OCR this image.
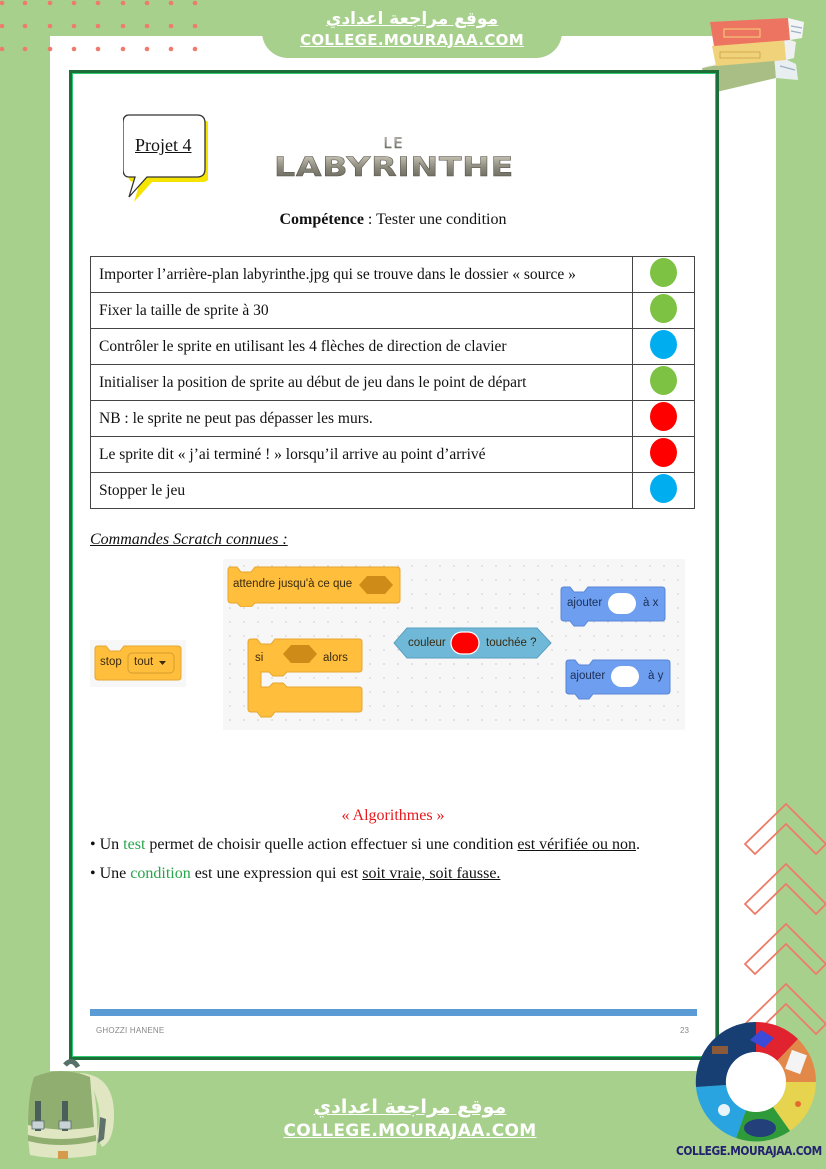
موقع مراجعة اعدادي
COLLEGE.MOURAJAA.COM
Projet 4	LE
LABYRINTHE
Compétence : Tester une condition
Importer l’arrière-plan labyrinthe.jpg qui se trouve dans le dossier « source »	
Fixer la taille de sprite à 30	
Contrôler le sprite en utilisant les 4 flèches de direction de clavier	
Initialiser la position de sprite au début de jeu dans le point de départ	
NB : le sprite ne peut pas dépasser les murs.	
Le sprite dit « j’ai terminé ! » lorsqu’il arrive au point d’arrivé	
Stopper le jeu	
Commandes Scratch connues :
stop tout
attendre jusqu'à ce que
si	alors
couleur	touchée ?
ajouter	à x
ajouter	à y
« Algorithmes »
• Un test permet de choisir quelle action effectuer si une condition est vérifiée ou non.
• Une condition est une expression qui est soit vraie, soit fausse.
GHOZZI HANENE	23
موقع مراجعة اعدادي
COLLEGE.MOURAJAA.COM
COLLEGE.MOURAJAA.COM
